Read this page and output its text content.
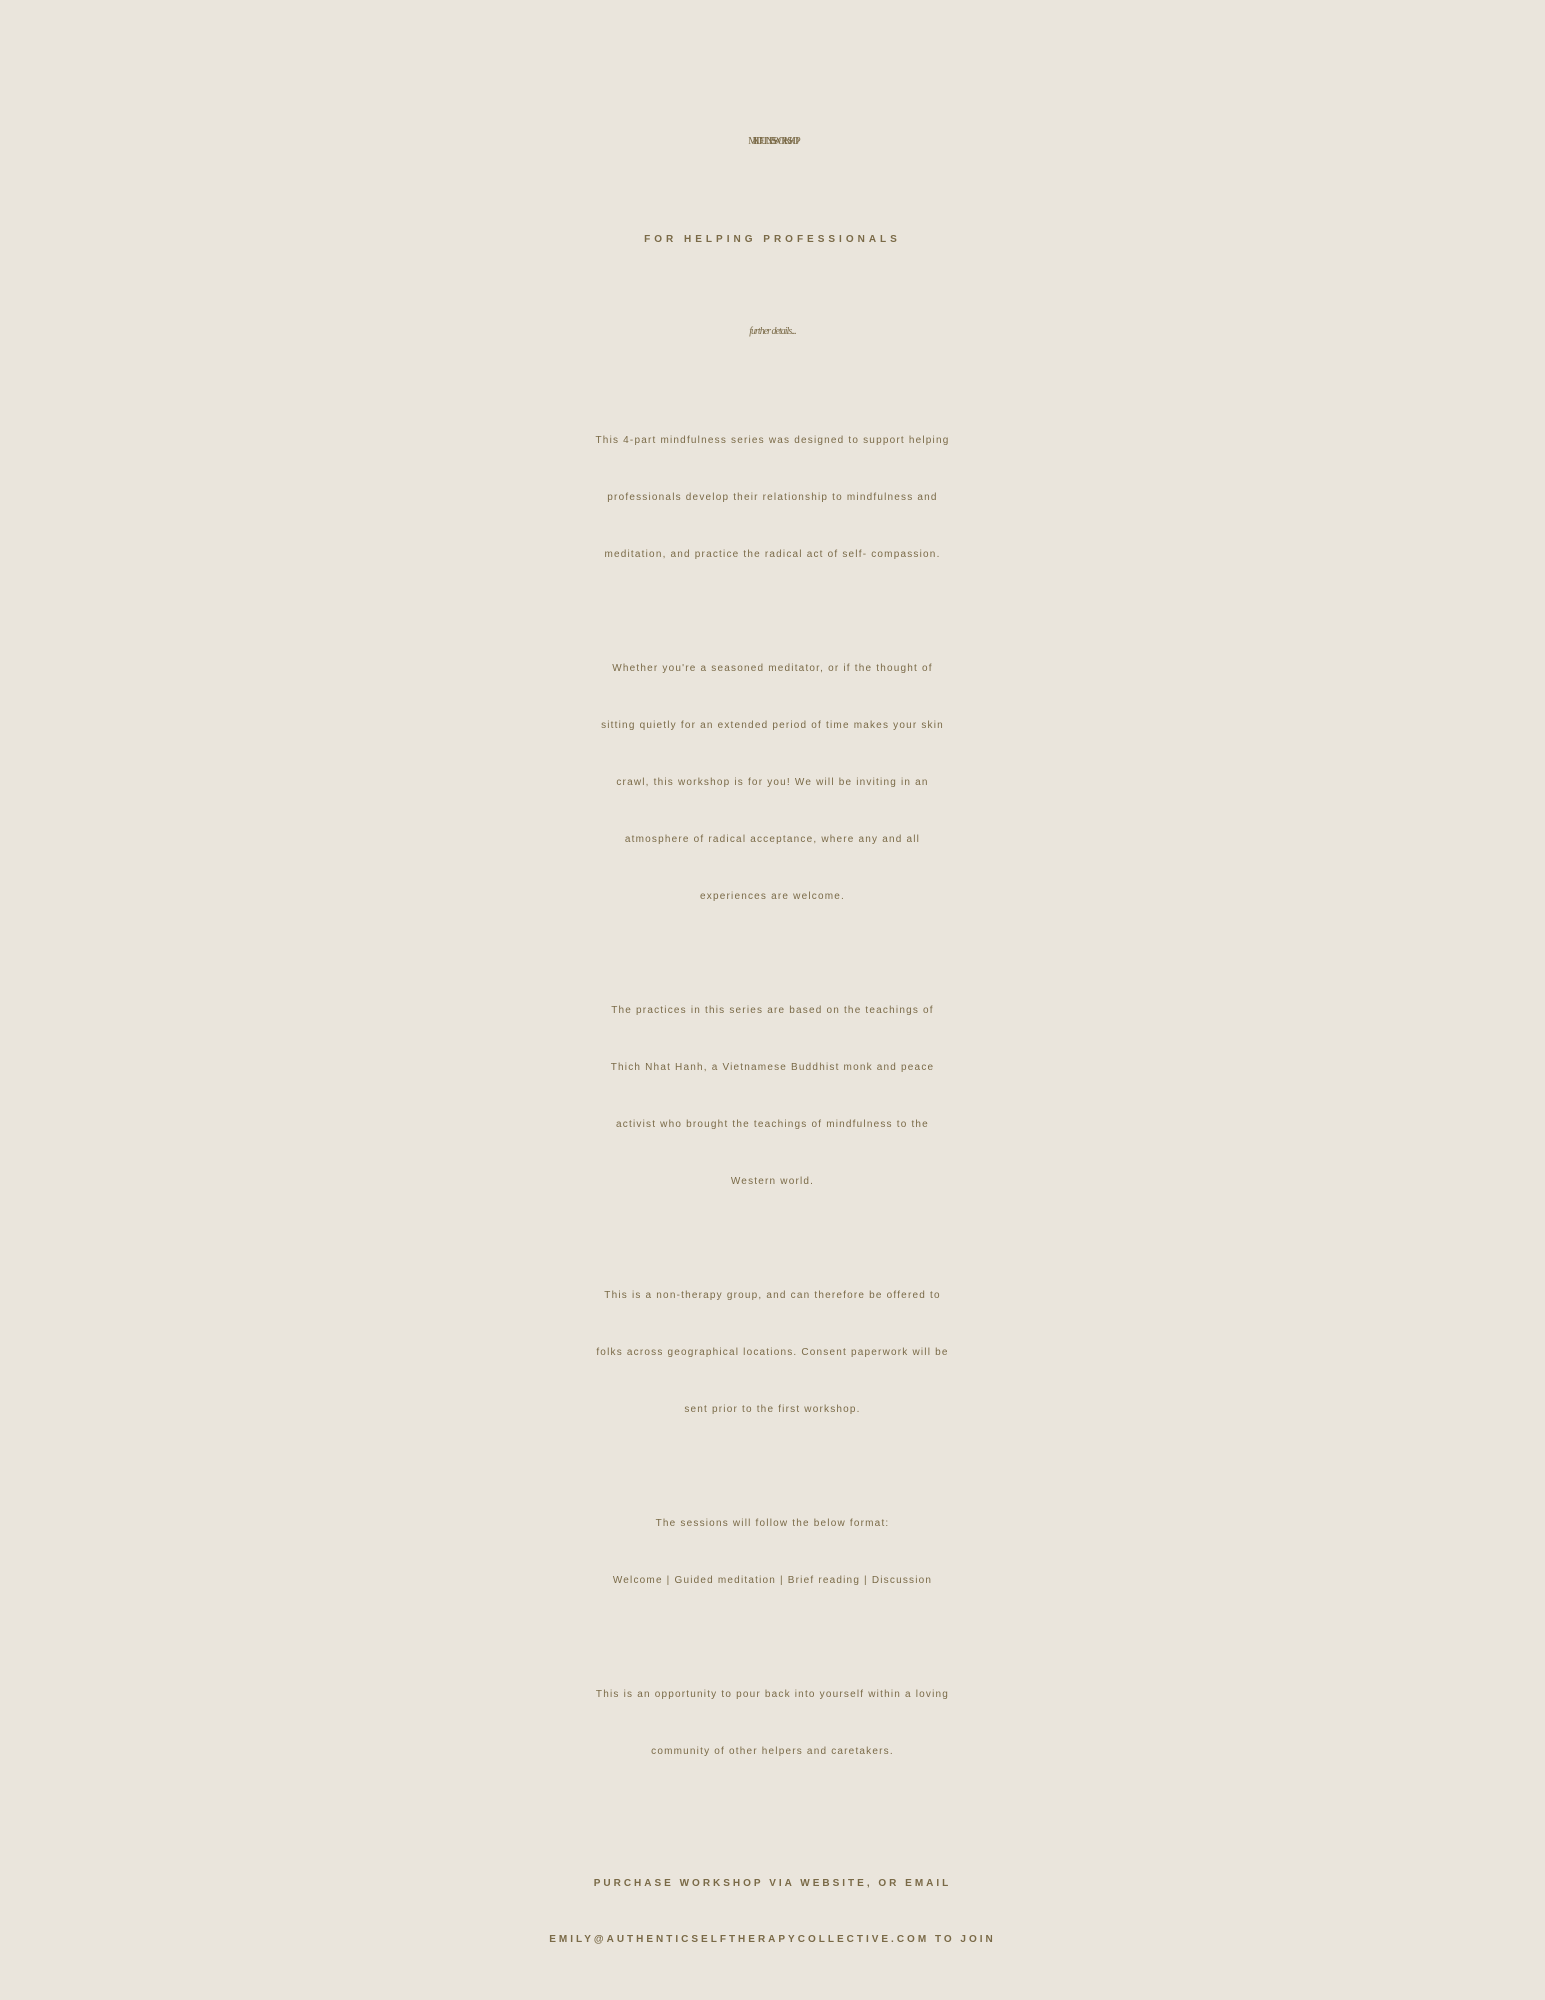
MINDFULNESS WORKSHOP
FOR HELPING PROFESSIONALS
further details...

This 4-part mindfulness series was designed to support helping
professionals develop their relationship to mindfulness and
meditation, and practice the radical act of self- compassion.

Whether you're a seasoned meditator, or if the thought of
sitting quietly for an extended period of time makes your skin
crawl, this workshop is for you! We will be inviting in an
atmosphere of radical acceptance, where any and all
experiences are welcome.

The practices in this series are based on the teachings of
Thich Nhat Hanh, a Vietnamese Buddhist monk and peace
activist who brought the teachings of mindfulness to the
Western world.

This is a non-therapy group, and can therefore be offered to
folks across geographical locations. Consent paperwork will be
sent prior to the first workshop.

The sessions will follow the below format:
Welcome | Guided meditation | Brief reading | Discussion

This is an opportunity to pour back into yourself within a loving
community of other helpers and caretakers.

PURCHASE WORKSHOP VIA WEBSITE, OR EMAIL
EMILY@AUTHENTICSELFTHERAPYCOLLECTIVE.COM TO JOIN
